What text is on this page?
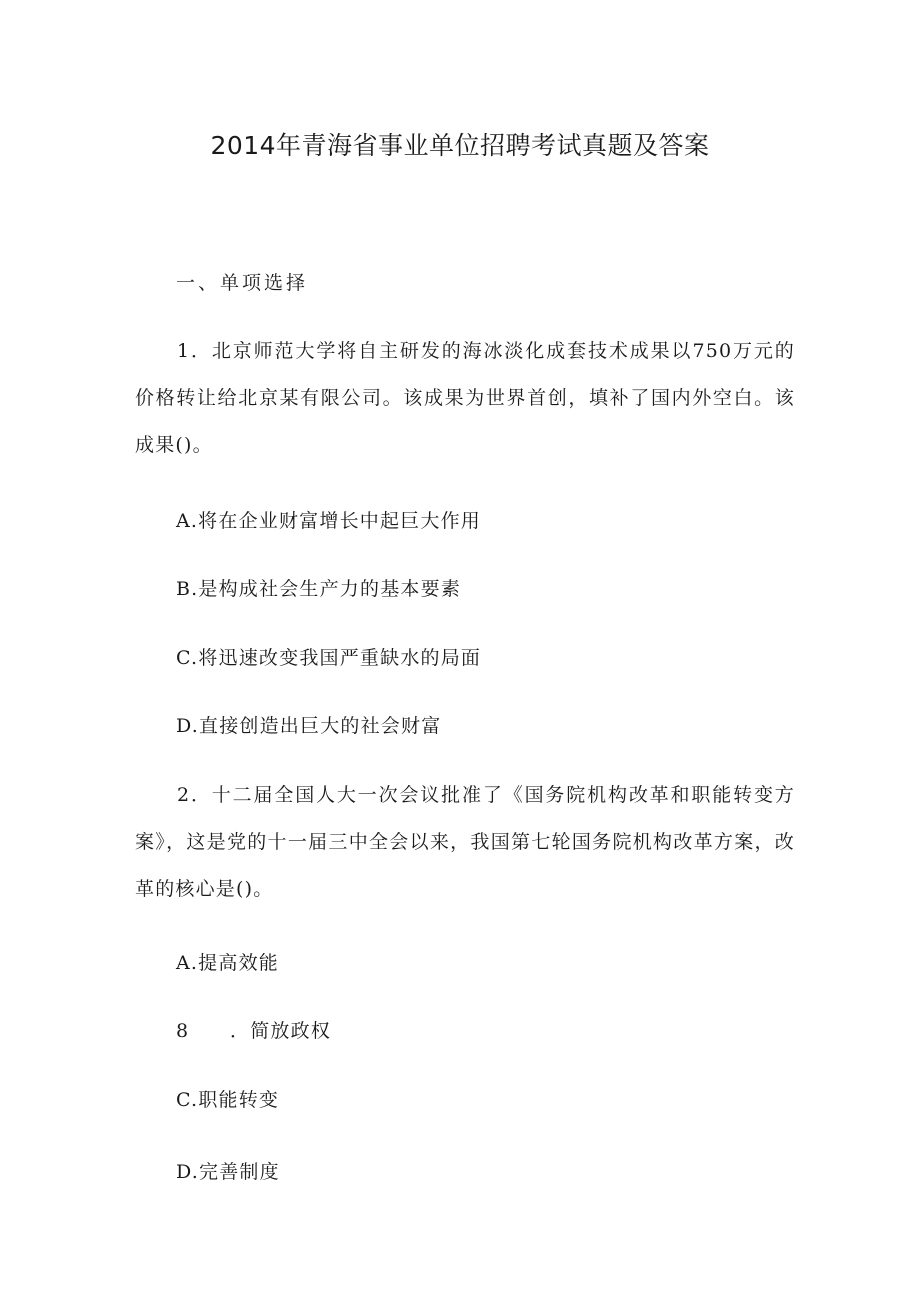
2014年青海省事业单位招聘考试真题及答案
一、单项选择

1．北京师范大学将自主研发的海冰淡化成套技术成果以750万元的价格转让给北京某有限公司。该成果为世界首创，填补了国内外空白。该成果()。

A.将在企业财富增长中起巨大作用
B.是构成社会生产力的基本要素
C.将迅速改变我国严重缺水的局面
D.直接创造出巨大的社会财富

2．十二届全国人大一次会议批准了《国务院机构改革和职能转变方案》，这是党的十一届三中全会以来，我国第七轮国务院机构改革方案，改革的核心是()。

A.提高效能
8 ．简放政权
C.职能转变
D.完善制度
